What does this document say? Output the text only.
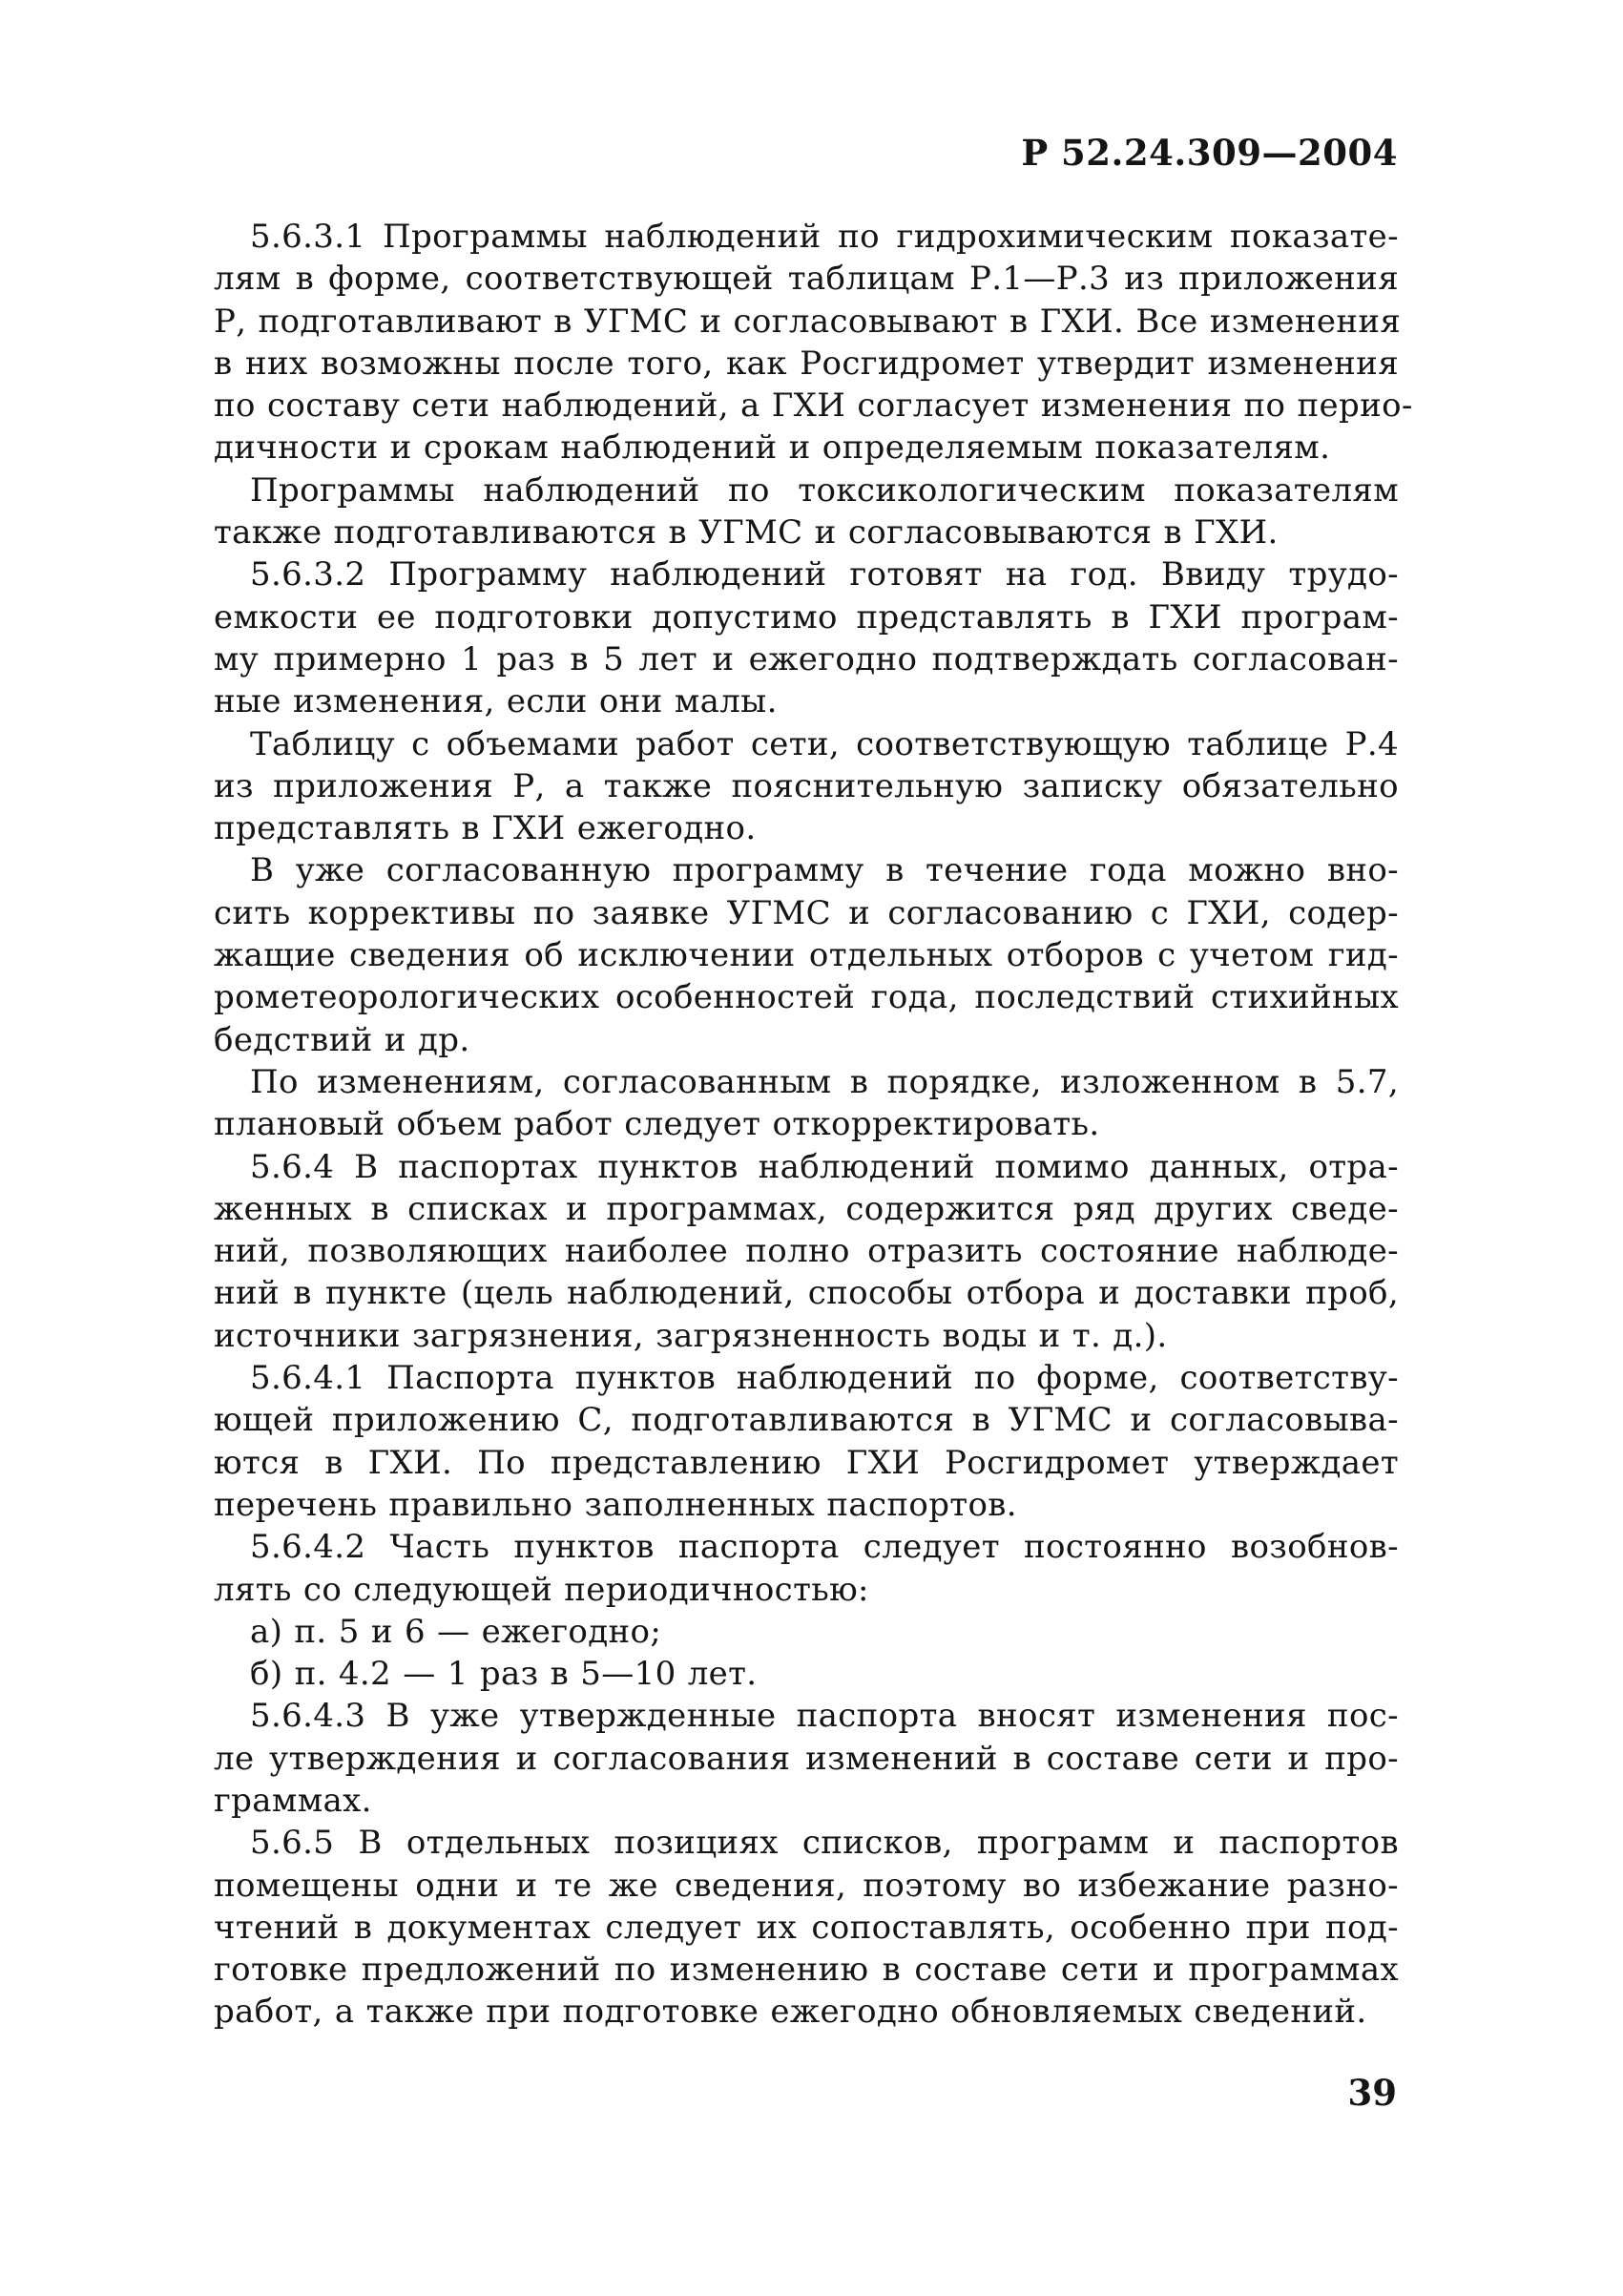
Р 52.24.309—2004
5.6.3.1 Программы наблюдений по гидрохимическим показате-
лям в форме, соответствующей таблицам Р.1—Р.3 из приложения
Р, подготавливают в УГМС и согласовывают в ГХИ. Все изменения
в них возможны после того, как Росгидромет утвердит изменения
по составу сети наблюдений, а ГХИ согласует изменения по перио-
дичности и срокам наблюдений и определяемым показателям.
Программы наблюдений по токсикологическим показателям
также подготавливаются в УГМС и согласовываются в ГХИ.
5.6.3.2 Программу наблюдений готовят на год. Ввиду трудо-
емкости ее подготовки допустимо представлять в ГХИ програм-
му примерно 1 раз в 5 лет и ежегодно подтверждать согласован-
ные изменения, если они малы.
Таблицу с объемами работ сети, соответствующую таблице Р.4
из приложения Р, а также пояснительную записку обязательно
представлять в ГХИ ежегодно.
В уже согласованную программу в течение года можно вно-
сить коррективы по заявке УГМС и согласованию с ГХИ, содер-
жащие сведения об исключении отдельных отборов с учетом гид-
рометеорологических особенностей года, последствий стихийных
бедствий и др.
По изменениям, согласованным в порядке, изложенном в 5.7,
плановый объем работ следует откорректировать.
5.6.4 В паспортах пунктов наблюдений помимо данных, отра-
женных в списках и программах, содержится ряд других сведе-
ний, позволяющих наиболее полно отразить состояние наблюде-
ний в пункте (цель наблюдений, способы отбора и доставки проб,
источники загрязнения, загрязненность воды и т. д.).
5.6.4.1 Паспорта пунктов наблюдений по форме, соответству-
ющей приложению С, подготавливаются в УГМС и согласовыва-
ются в ГХИ. По представлению ГХИ Росгидромет утверждает
перечень правильно заполненных паспортов.
5.6.4.2 Часть пунктов паспорта следует постоянно возобнов-
лять со следующей периодичностью:
а) п. 5 и 6 — ежегодно;
б) п. 4.2 — 1 раз в 5—10 лет.
5.6.4.3 В уже утвержденные паспорта вносят изменения пос-
ле утверждения и согласования изменений в составе сети и про-
граммах.
5.6.5 В отдельных позициях списков, программ и паспортов
помещены одни и те же сведения, поэтому во избежание разно-
чтений в документах следует их сопоставлять, особенно при под-
готовке предложений по изменению в составе сети и программах
работ, а также при подготовке ежегодно обновляемых сведений.
39
